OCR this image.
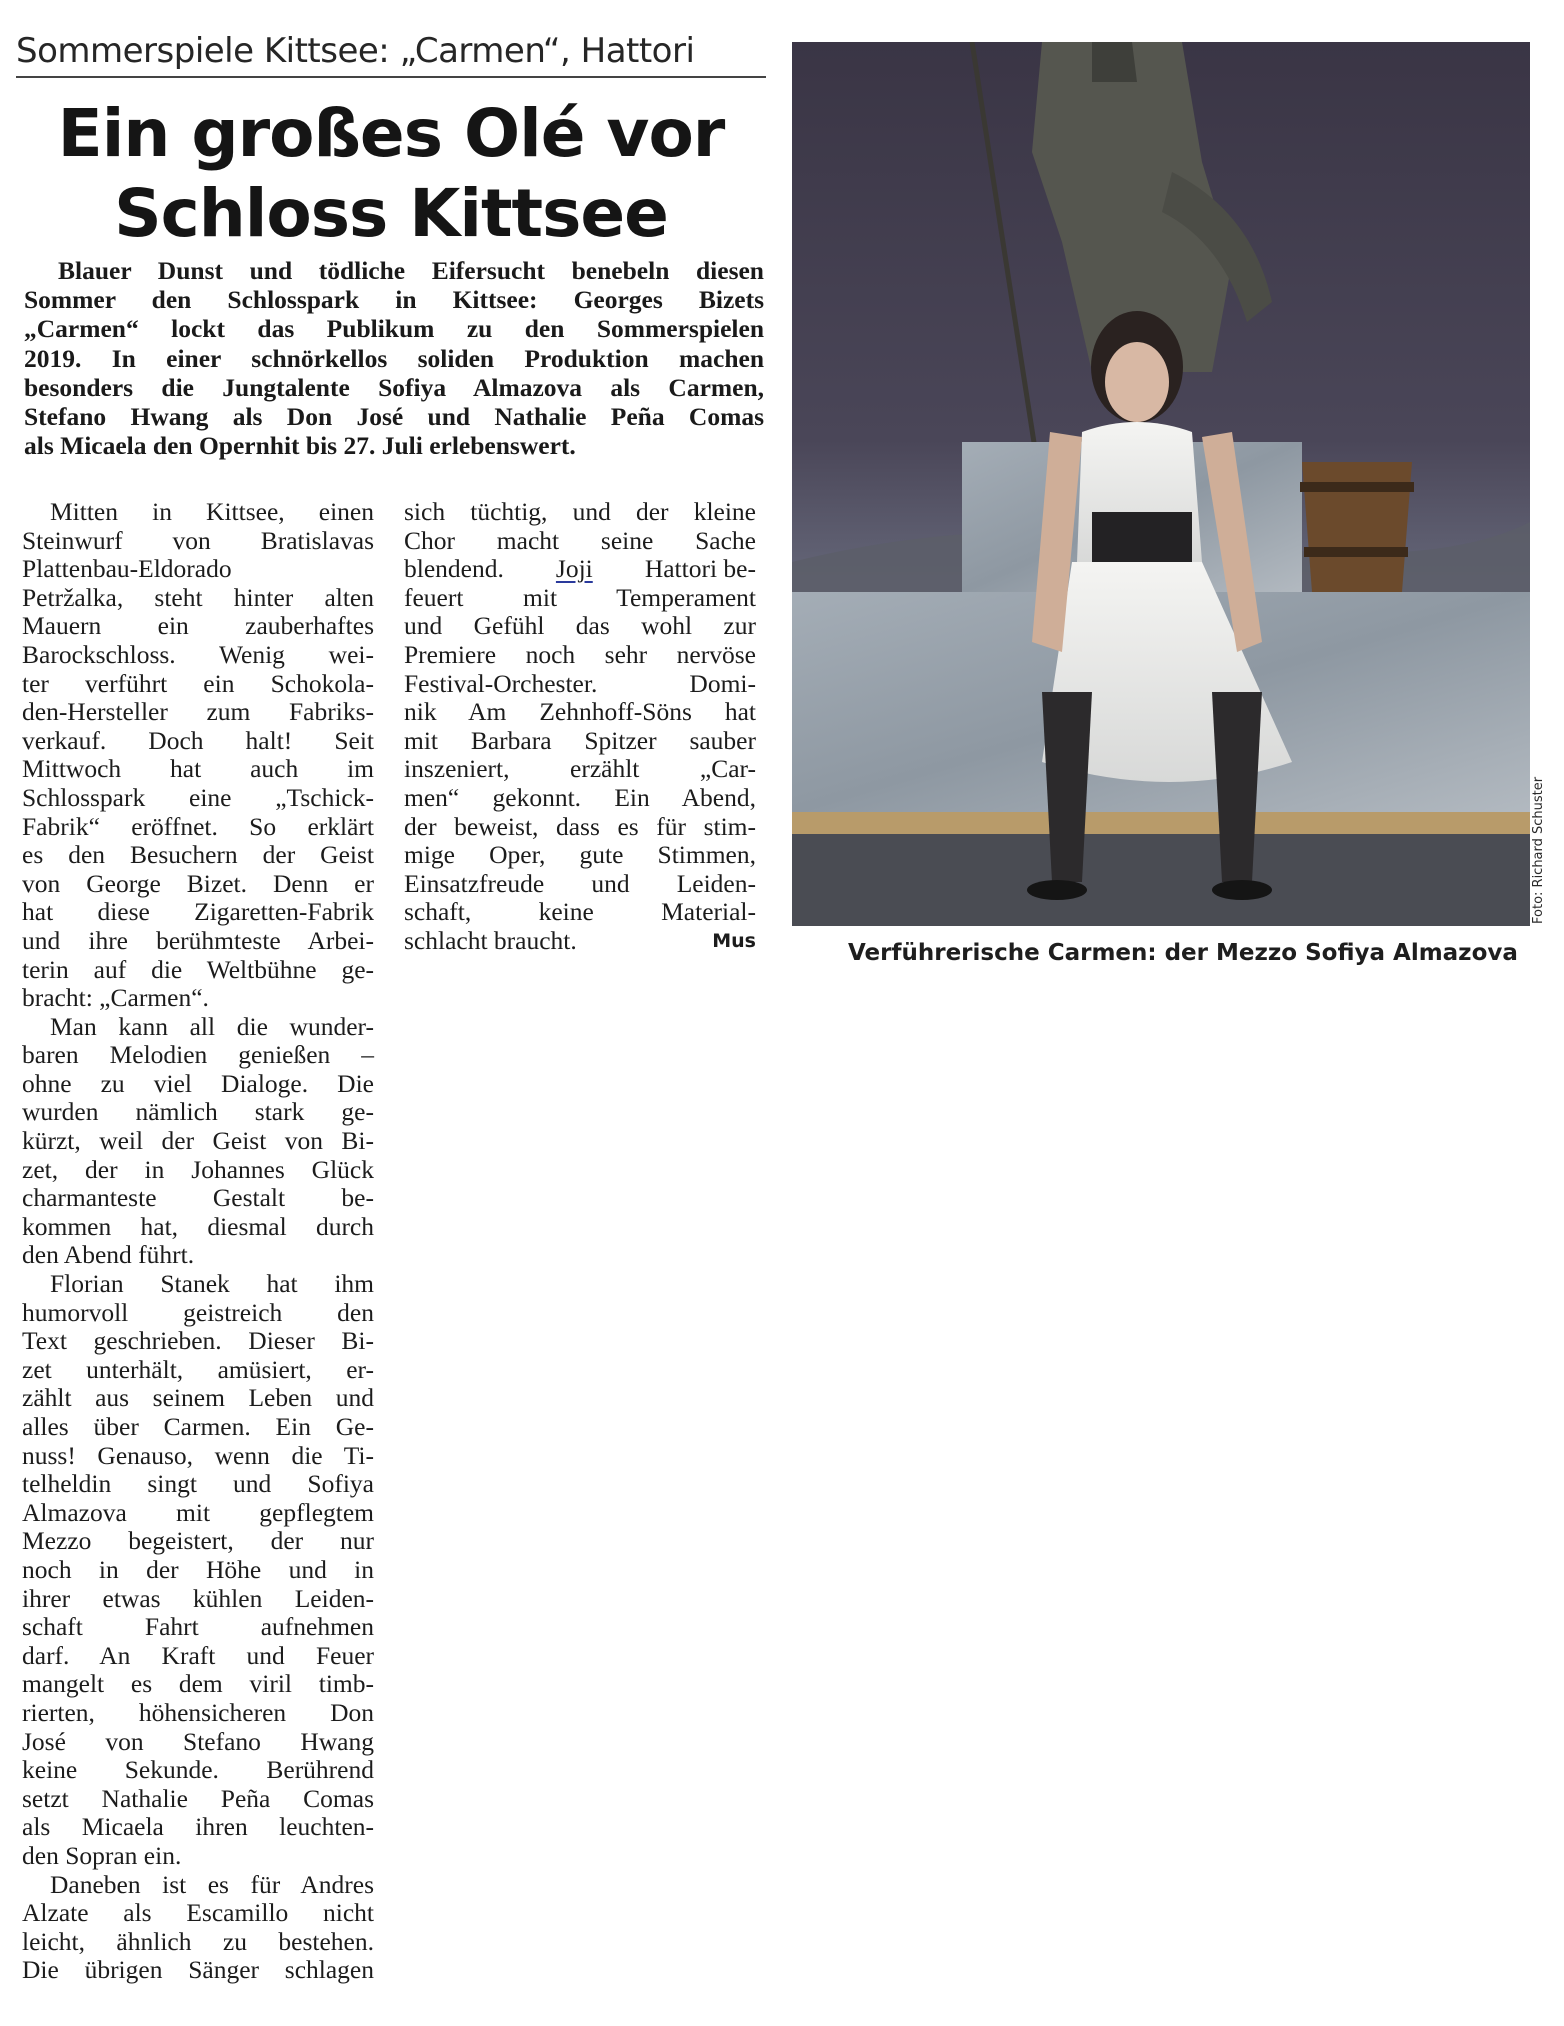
Sommerspiele Kittsee: „Carmen“, Hattori
Ein großes Olé vor
Schloss Kittsee
Blauer Dunst und tödliche Eifersucht benebeln diesen
Sommer den Schlosspark in Kittsee: Georges Bizets
„Carmen“ lockt das Publikum zu den Sommerspielen
2019. In einer schnörkellos soliden Produktion machen
besonders die Jungtalente Sofiya Almazova als Carmen,
Stefano Hwang als Don José und Nathalie Peña Comas
als Micaela den Opernhit bis 27. Juli erlebenswert.
Mitten in Kittsee, einen
Steinwurf von Bratislavas
Plattenbau-Eldorado
Petržalka, steht hinter alten
Mauern ein zauberhaftes
Barockschloss. Wenig wei-
ter verführt ein Schokola-
den-Hersteller zum Fabriks-
verkauf. Doch halt! Seit
Mittwoch hat auch im
Schlosspark eine „Tschick-
Fabrik“ eröffnet. So erklärt
es den Besuchern der Geist
von George Bizet. Denn er
hat diese Zigaretten-Fabrik
und ihre berühmteste Arbei-
terin auf die Weltbühne ge-
bracht: „Carmen“.
Man kann all die wunder-
baren Melodien genießen –
ohne zu viel Dialoge. Die
wurden nämlich stark ge-
kürzt, weil der Geist von Bi-
zet, der in Johannes Glück
charmanteste Gestalt be-
kommen hat, diesmal durch
den Abend führt.
Florian Stanek hat ihm
humorvoll geistreich den
Text geschrieben. Dieser Bi-
zet unterhält, amüsiert, er-
zählt aus seinem Leben und
alles über Carmen. Ein Ge-
nuss! Genauso, wenn die Ti-
telheldin singt und Sofiya
Almazova mit gepflegtem
Mezzo begeistert, der nur
noch in der Höhe und in
ihrer etwas kühlen Leiden-
schaft Fahrt aufnehmen
darf. An Kraft und Feuer
mangelt es dem viril timb-
rierten, höhensicheren Don
José von Stefano Hwang
keine Sekunde. Berührend
setzt Nathalie Peña Comas
als Micaela ihren leuchten-
den Sopran ein.
Daneben ist es für Andres
Alzate als Escamillo nicht
leicht, ähnlich zu bestehen.
Die übrigen Sänger schlagen
sich tüchtig, und der kleine
Chor macht seine Sache
blendend. Joji Hattori be-
feuert mit Temperament
und Gefühl das wohl zur
Premiere noch sehr nervöse
Festival-Orchester. Domi-
nik Am Zehnhoff-Söns hat
mit Barbara Spitzer sauber
inszeniert, erzählt „Car-
men“ gekonnt. Ein Abend,
der beweist, dass es für stim-
mige Oper, gute Stimmen,
Einsatzfreude und Leiden-
schaft, keine Material-
schlacht braucht.	Mus
Foto: Richard Schuster
Verführerische Carmen: der Mezzo Sofiya Almazova
